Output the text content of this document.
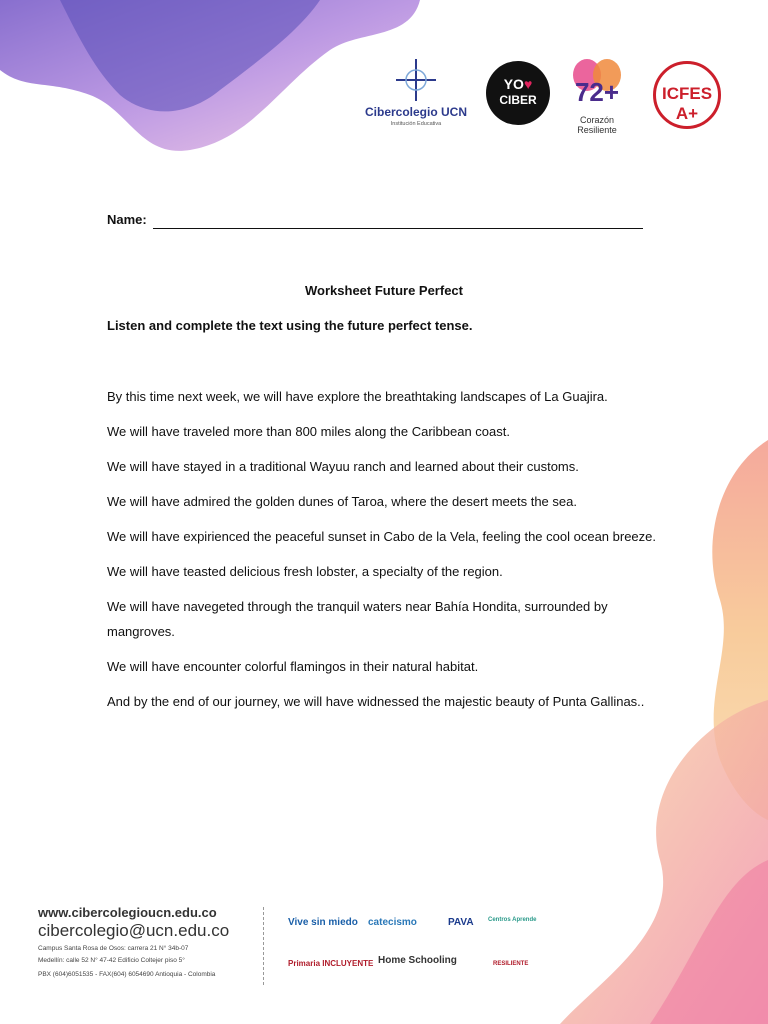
Cibercolegio UCN
Institución Educativa
YO♥
CIBER	72+
Corazón
Resiliente
ICFES A+
Name:
Worksheet Future Perfect
Listen and complete the text using the future perfect tense.

By this time next week, we will have explore the breathtaking landscapes of La Guajira.

We will have traveled more than 800 miles along the Caribbean coast.

We will have stayed in a traditional Wayuu ranch and learned about their customs.

We will have admired the golden dunes of Taroa, where the desert meets the sea.

We will have expirienced the peaceful sunset in Cabo de la Vela, feeling the cool ocean breeze.

We will have teasted delicious fresh lobster, a specialty of the region.

We will have navegeted through the tranquil waters near Bahía Hondita, surrounded by mangroves.

We will have encounter colorful flamingos in their natural habitat.

And by the end of our journey, we will have widnessed the majestic beauty of Punta Gallinas..

www.cibercolegioucn.edu.co
cibercolegio@ucn.edu.co
Campus Santa Rosa de Osos: carrera 21 N° 34b-07
Medellín: calle 52 N° 47-42 Edificio Coltejer piso 5°
PBX (604)6051535 - FAX(604) 6054690 Antioquia - Colombia
Vive sin miedo catecismo	PAVA Centros Aprende
Primaria INCLUYENTE Home Schooling	RESILIENTE
